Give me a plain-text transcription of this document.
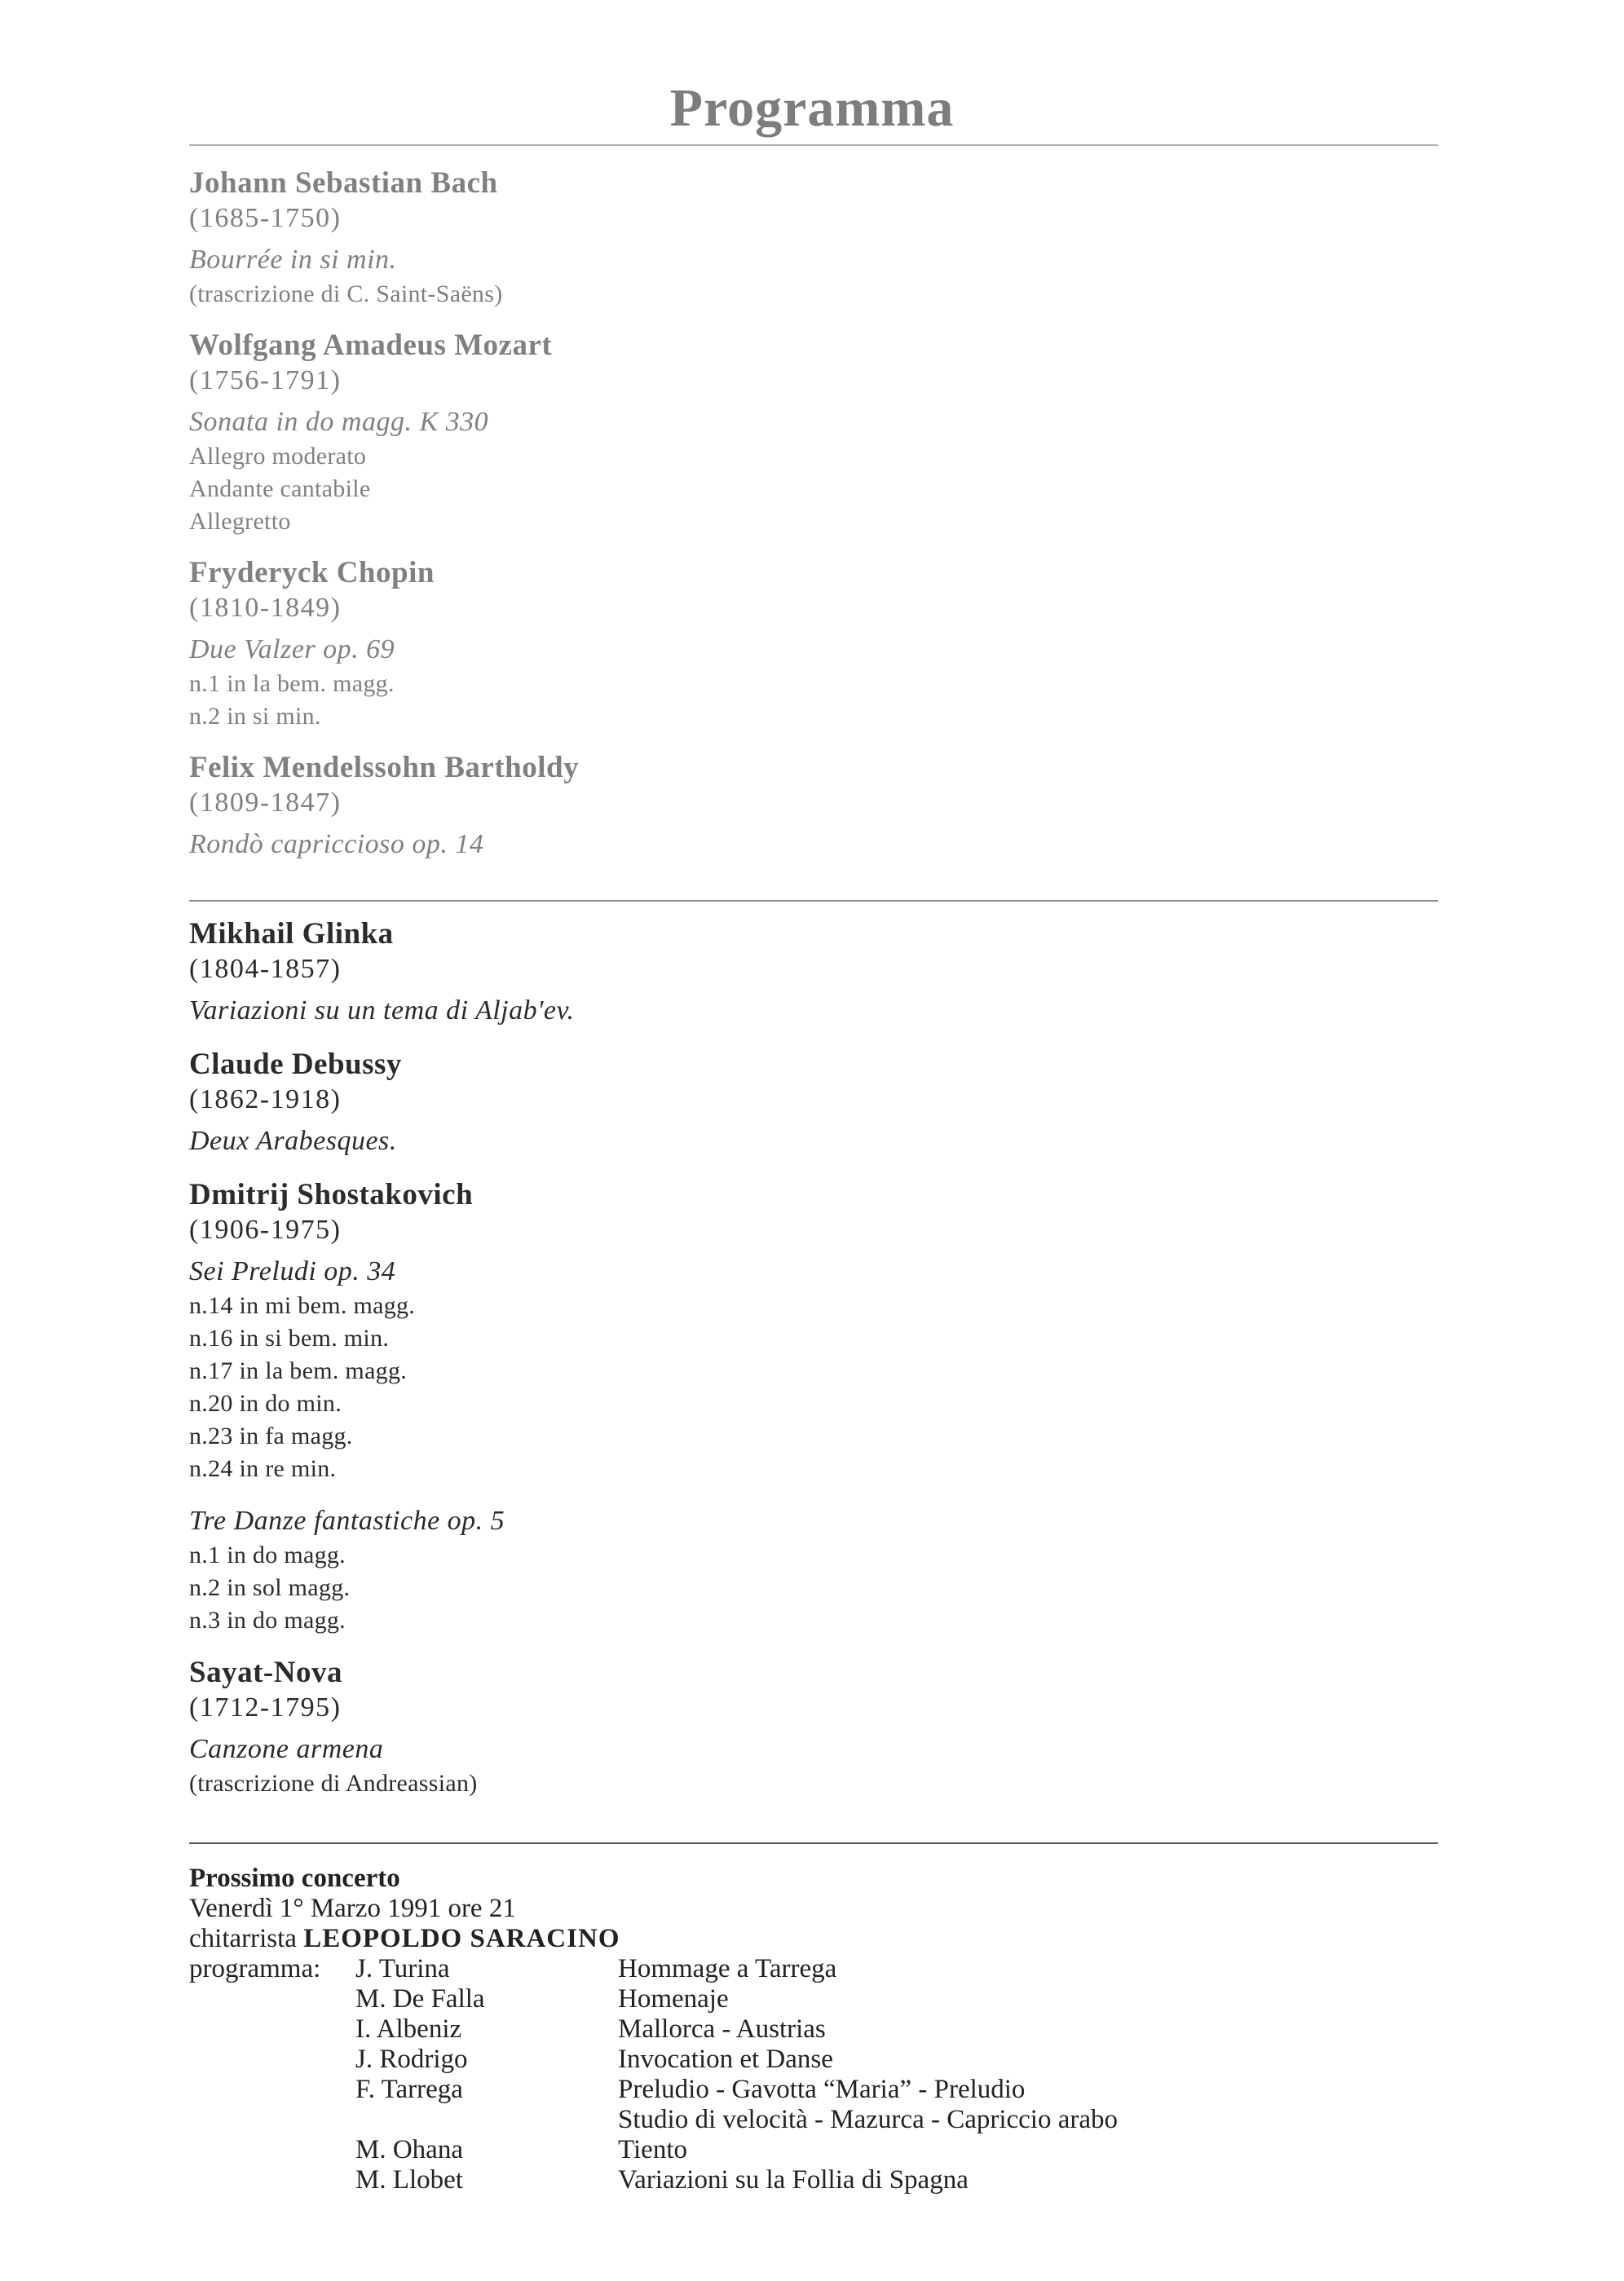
Programma
Johann Sebastian Bach
(1685-1750)
Bourrée in si min.
(trascrizione di C. Saint-Saëns)
Wolfgang Amadeus Mozart
(1756-1791)
Sonata in do magg. K 330
Allegro moderato
Andante cantabile
Allegretto
Fryderyck Chopin
(1810-1849)
Due Valzer op. 69
n.1 in la bem. magg.
n.2 in si min.
Felix Mendelssohn Bartholdy
(1809-1847)
Rondò capriccioso op. 14
Mikhail Glinka
(1804-1857)
Variazioni su un tema di Aljab'ev.
Claude Debussy
(1862-1918)
Deux Arabesques.
Dmitrij Shostakovich
(1906-1975)
Sei Preludi op. 34
n.14 in mi bem. magg.
n.16 in si bem. min.
n.17 in la bem. magg.
n.20 in do min.
n.23 in fa magg.
n.24 in re min.
Tre Danze fantastiche op. 5
n.1 in do magg.
n.2 in sol magg.
n.3 in do magg.
Sayat-Nova
(1712-1795)
Canzone armena
(trascrizione di Andreassian)
Prossimo concerto
Venerdì 1° Marzo 1991 ore 21
chitarrista LEOPOLDO SARACINO
programma: J. Turina	Hommage a Tarrega
M. De Falla	Homenaje
I. Albeniz	Mallorca - Austrias
J. Rodrigo	Invocation et Danse
F. Tarrega	Preludio - Gavotta “Maria” - Preludio
Studio di velocità - Mazurca - Capriccio arabo
M. Ohana	Tiento
M. Llobet	Variazioni su la Follia di Spagna
